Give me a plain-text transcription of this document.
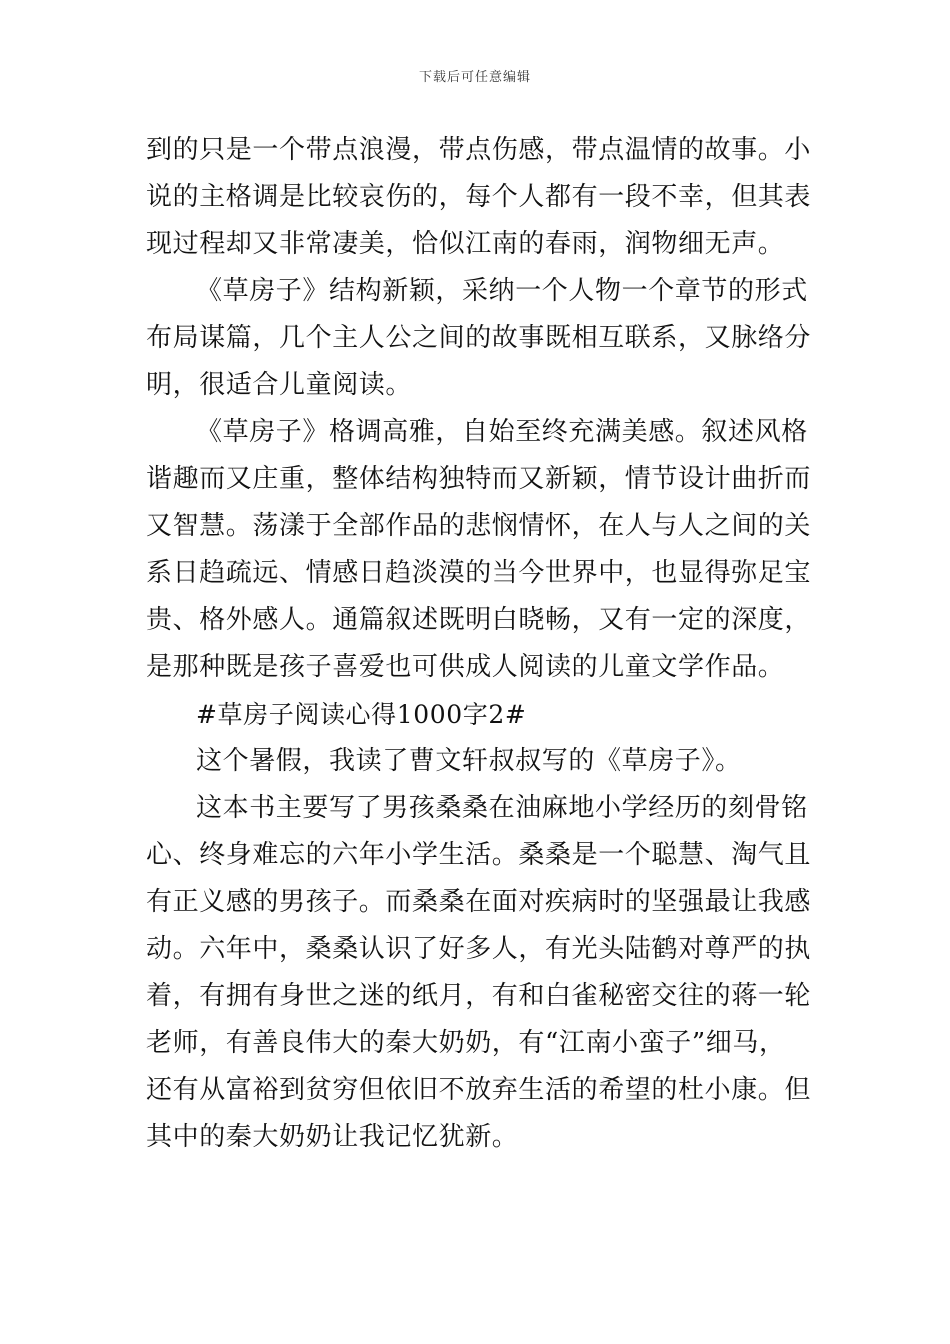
下载后可任意编辑
到的只是一个带点浪漫，带点伤感，带点温情的故事。小
说的主格调是比较哀伤的，每个人都有一段不幸，但其表
现过程却又非常凄美，恰似江南的春雨，润物细无声。
《草房子》结构新颖，采纳一个人物一个章节的形式
布局谋篇，几个主人公之间的故事既相互联系，又脉络分
明，很适合儿童阅读。
《草房子》格调高雅，自始至终充满美感。叙述风格
谐趣而又庄重，整体结构独特而又新颖，情节设计曲折而
又智慧。荡漾于全部作品的悲悯情怀，在人与人之间的关
系日趋疏远、情感日趋淡漠的当今世界中，也显得弥足宝
贵、格外感人。通篇叙述既明白晓畅，又有一定的深度，
是那种既是孩子喜爱也可供成人阅读的儿童文学作品。
#草房子阅读心得1000字2#
这个暑假，我读了曹文轩叔叔写的《草房子》。
这本书主要写了男孩桑桑在油麻地小学经历的刻骨铭
心、终身难忘的六年小学生活。桑桑是一个聪慧、淘气且
有正义感的男孩子。而桑桑在面对疾病时的坚强最让我感
动。六年中，桑桑认识了好多人，有光头陆鹤对尊严的执
着，有拥有身世之迷的纸月，有和白雀秘密交往的蒋一轮
老师，有善良伟大的秦大奶奶，有“江南小蛮子”细马，
还有从富裕到贫穷但依旧不放弃生活的希望的杜小康。但
其中的秦大奶奶让我记忆犹新。
